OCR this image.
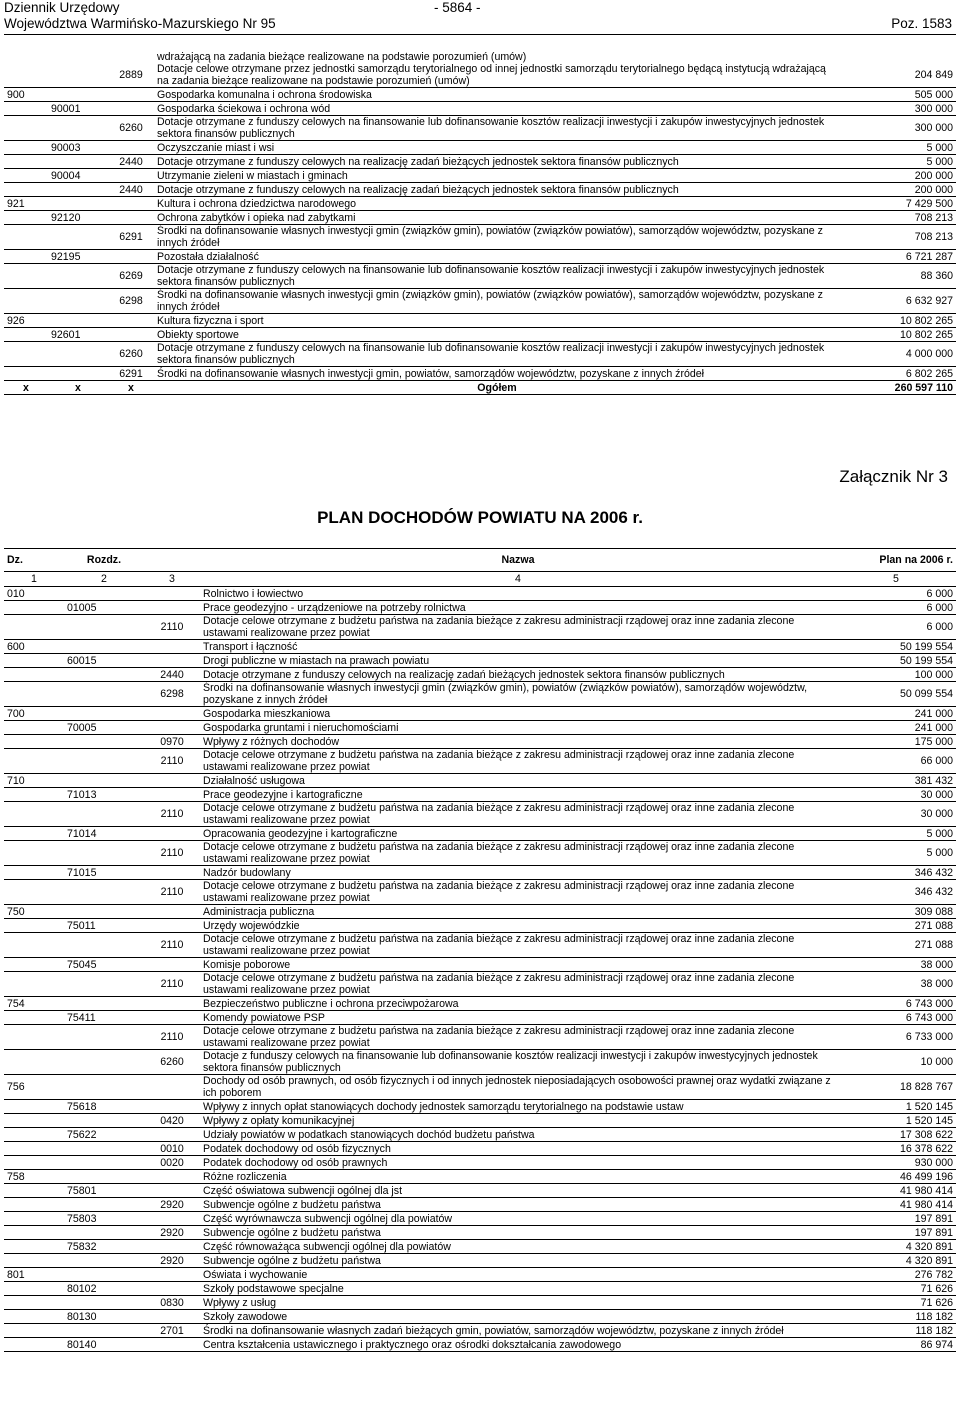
Dziennik Urzędowy	- 5864 -
Województwa Warmińsko-Mazurskiego Nr 95	Poz. 1583
			wdrażającą na zadania bieżące realizowane na podstawie porozumień (umów)	
		2889	Dotacje celowe otrzymane przez jednostki samorządu terytorialnego od innej jednostki samorządu terytorialnego będącą instytucją wdrażającą na zadania bieżące realizowane na podstawie porozumień (umów)	204 849
900			Gospodarka komunalna i ochrona środowiska	505 000
	90001		Gospodarka ściekowa i ochrona wód	300 000
		6260	Dotacje otrzymane z funduszy celowych na finansowanie lub dofinansowanie kosztów realizacji inwestycji i zakupów inwestycyjnych jednostek sektora finansów publicznych	300 000
	90003		Oczyszczanie miast i wsi	5 000
		2440	Dotacje otrzymane z funduszy celowych na realizację zadań bieżących jednostek sektora finansów publicznych	5 000
	90004		Utrzymanie zieleni w miastach i gminach	200 000
		2440	Dotacje otrzymane z funduszy celowych na realizację zadań bieżących jednostek sektora finansów publicznych	200 000
921			Kultura i ochrona dziedzictwa narodowego	7 429 500
	92120		Ochrona zabytków i opieka nad zabytkami	708 213
		6291	Środki na dofinansowanie własnych inwestycji gmin (związków gmin), powiatów (związków powiatów), samorządów województw, pozyskane z innych źródeł	708 213
	92195		Pozostała działalność	6 721 287
		6269	Dotacje otrzymane z funduszy celowych na finansowanie lub dofinansowanie kosztów realizacji inwestycji i zakupów inwestycyjnych jednostek sektora finansów publicznych	88 360
		6298	Środki na dofinansowanie własnych inwestycji gmin (związków gmin), powiatów (związków powiatów), samorządów województw, pozyskane z innych źródeł	6 632 927
926			Kultura fizyczna i sport	10 802 265
	92601		Obiekty sportowe	10 802 265
		6260	Dotacje otrzymane z funduszy celowych na finansowanie lub dofinansowanie kosztów realizacji inwestycji i zakupów inwestycyjnych jednostek sektora finansów publicznych	4 000 000
		6291	Środki na dofinansowanie własnych inwestycji gmin, powiatów, samorządów województw, pozyskane z innych źródeł	6 802 265
x	x	x	Ogółem	260 597 110
Załącznik Nr 3
PLAN DOCHODÓW POWIATU NA 2006 r.
Dz.	Rozdz.		Nazwa	Plan na 2006 r.
1	2	3	4	5
010			Rolnictwo i łowiectwo	6 000
	01005		Prace geodezyjno - urządzeniowe na potrzeby rolnictwa	6 000
		2110	Dotacje celowe otrzymane z budżetu państwa na zadania bieżące z zakresu administracji rządowej oraz inne zadania zlecone ustawami realizowane przez powiat	6 000
600			Transport i łączność	50 199 554
	60015		Drogi publiczne w miastach na prawach powiatu	50 199 554
		2440	Dotacje otrzymane z funduszy celowych na realizację zadań bieżących jednostek sektora finansów publicznych	100 000
		6298	Środki na dofinansowanie własnych inwestycji gmin (związków gmin), powiatów (związków powiatów), samorządów województw, pozyskane z innych źródeł	50 099 554
700			Gospodarka mieszkaniowa	241 000
	70005		Gospodarka gruntami i nieruchomościami	241 000
		0970	Wpływy z różnych dochodów	175 000
		2110	Dotacje celowe otrzymane z budżetu państwa na zadania bieżące z zakresu administracji rządowej oraz inne zadania zlecone ustawami realizowane przez powiat	66 000
710			Działalność usługowa	381 432
	71013		Prace geodezyjne i kartograficzne	30 000
		2110	Dotacje celowe otrzymane z budżetu państwa na zadania bieżące z zakresu administracji rządowej oraz inne zadania zlecone ustawami realizowane przez powiat	30 000
	71014		Opracowania geodezyjne i kartograficzne	5 000
		2110	Dotacje celowe otrzymane z budżetu państwa na zadania bieżące z zakresu administracji rządowej oraz inne zadania zlecone ustawami realizowane przez powiat	5 000
	71015		Nadzór budowlany	346 432
		2110	Dotacje celowe otrzymane z budżetu państwa na zadania bieżące z zakresu administracji rządowej oraz inne zadania zlecone ustawami realizowane przez powiat	346 432
750			Administracja publiczna	309 088
	75011		Urzędy wojewódzkie	271 088
		2110	Dotacje celowe otrzymane z budżetu państwa na zadania bieżące z zakresu administracji rządowej oraz inne zadania zlecone ustawami realizowane przez powiat	271 088
	75045		Komisje poborowe	38 000
		2110	Dotacje celowe otrzymane z budżetu państwa na zadania bieżące z zakresu administracji rządowej oraz inne zadania zlecone ustawami realizowane przez powiat	38 000
754			Bezpieczeństwo publiczne i ochrona przeciwpożarowa	6 743 000
	75411		Komendy powiatowe PSP	6 743 000
		2110	Dotacje celowe otrzymane z budżetu państwa na zadania bieżące z zakresu administracji rządowej oraz inne zadania zlecone ustawami realizowane przez powiat	6 733 000
		6260	Dotacje z funduszy celowych na finansowanie lub dofinansowanie kosztów realizacji inwestycji i zakupów inwestycyjnych jednostek sektora finansów publicznych	10 000
756			Dochody od osób prawnych, od osób fizycznych i od innych jednostek nieposiadających osobowości prawnej oraz wydatki związane z ich poborem	18 828 767
	75618		Wpływy z innych opłat stanowiących dochody jednostek samorządu terytorialnego na podstawie ustaw	1 520 145
		0420	Wpływy z opłaty komunikacyjnej	1 520 145
	75622		Udziały powiatów w podatkach stanowiących dochód budżetu państwa	17 308 622
		0010	Podatek dochodowy od osób fizycznych	16 378 622
		0020	Podatek dochodowy od osób prawnych	930 000
758			Różne rozliczenia	46 499 196
	75801		Część oświatowa subwencji ogólnej dla jst	41 980 414
		2920	Subwencje ogólne z budżetu państwa	41 980 414
	75803		Część wyrównawcza subwencji ogólnej dla powiatów	197 891
		2920	Subwencje ogólne z budżetu państwa	197 891
	75832		Część równoważąca subwencji ogólnej dla powiatów	4 320 891
		2920	Subwencje ogólne z budżetu państwa	4 320 891
801			Oświata i wychowanie	276 782
	80102		Szkoły podstawowe specjalne	71 626
		0830	Wpływy z usług	71 626
	80130		Szkoły zawodowe	118 182
		2701	Środki na dofinansowanie własnych zadań bieżących gmin, powiatów, samorządów województw, pozyskane z innych źródeł	118 182
	80140		Centra kształcenia ustawicznego i praktycznego oraz ośrodki dokształcania zawodowego	86 974
